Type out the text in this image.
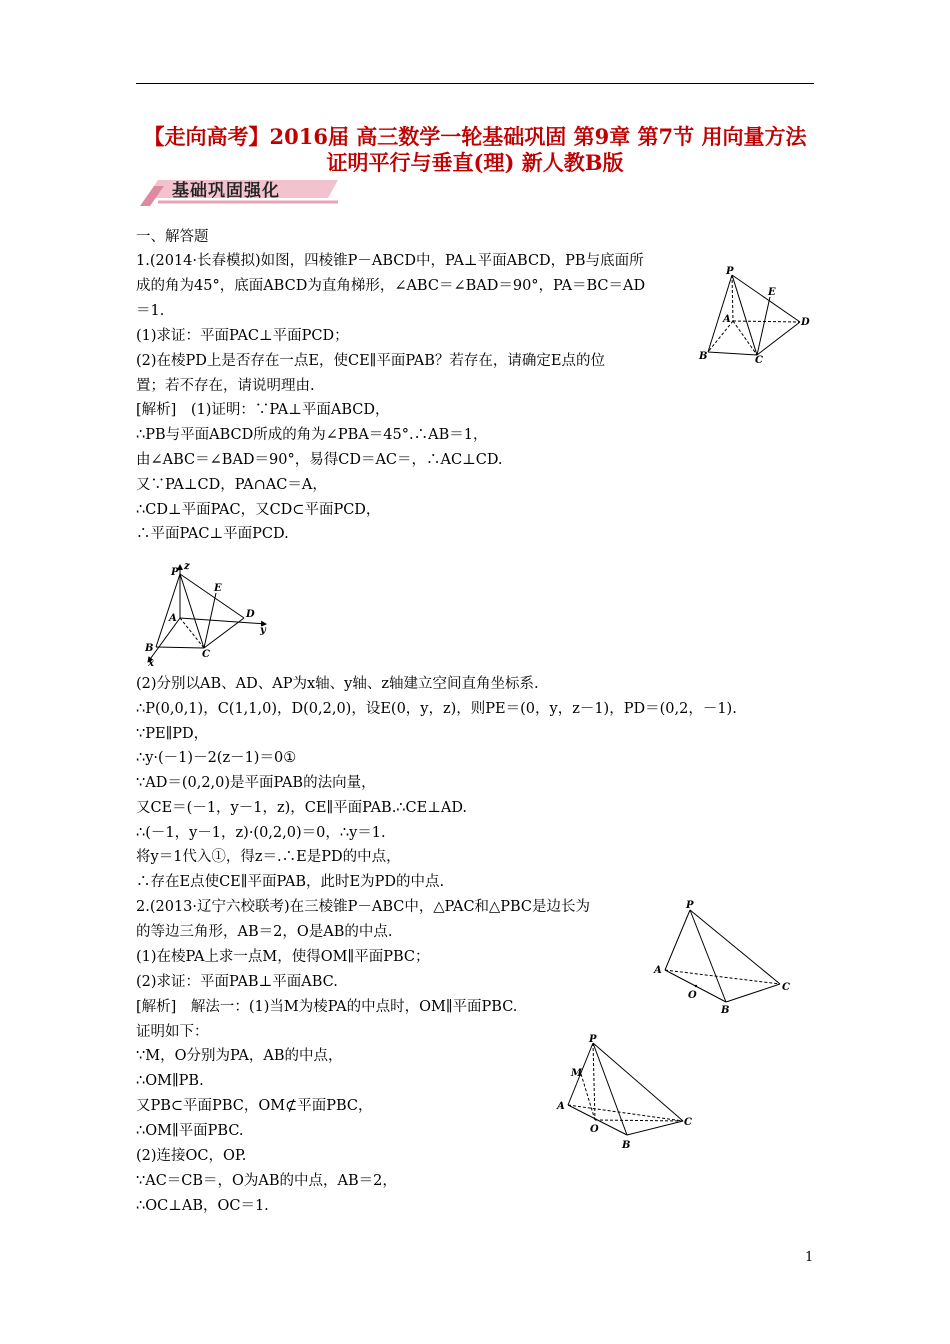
【走向高考】2016届 高三数学一轮基础巩固 第9章 第7节 用向量方法
证明平行与垂直(理) 新人教B版
基础巩固强化
一、解答题
1.(2014·长春模拟)如图，四棱锥P－ABCD中，PA⊥平面ABCD，PB与底面所
成的角为45°，底面ABCD为直角梯形，∠ABC＝∠BAD＝90°，PA＝BC＝AD
＝1.
(1)求证：平面PAC⊥平面PCD；
(2)在棱PD上是否存在一点E，使CE∥平面PAB？若存在，请确定E点的位
置；若不存在，请说明理由.
[解析]　(1)证明：∵PA⊥平面ABCD，
∴PB与平面ABCD所成的角为∠PBA＝45°.∴AB＝1，
由∠ABC＝∠BAD＝90°，易得CD＝AC＝，∴AC⊥CD.
又∵PA⊥CD，PA∩AC＝A，
∴CD⊥平面PAC，又CD⊂平面PCD，
∴平面PAC⊥平面PCD.
(2)分别以AB、AD、AP为x轴、y轴、z轴建立空间直角坐标系.
∴P(0,0,1)，C(1,1,0)，D(0,2,0)，设E(0，y，z)，则PE＝(0，y，z－1)，PD＝(0,2，－1).
∵PE∥PD，
∴y·(－1)－2(z－1)＝0①
∵AD＝(0,2,0)是平面PAB的法向量，
又CE＝(－1，y－1，z)，CE∥平面PAB.∴CE⊥AD.
∴(－1，y－1，z)·(0,2,0)＝0，∴y＝1.
将y＝1代入①，得z＝.∴E是PD的中点，
∴存在E点使CE∥平面PAB，此时E为PD的中点.
2.(2013·辽宁六校联考)在三棱锥P－ABC中，△PAC和△PBC是边长为
的等边三角形，AB＝2，O是AB的中点.
(1)在棱PA上求一点M，使得OM∥平面PBC；
(2)求证：平面PAB⊥平面ABC.
[解析]　解法一：(1)当M为棱PA的中点时，OM∥平面PBC.
证明如下：
∵M，O分别为PA，AB的中点，
∴OM∥PB.
又PB⊂平面PBC，OM⊄平面PBC，
∴OM∥平面PBC.
(2)连接OC，OP.
∵AC＝CB＝，O为AB的中点，AB＝2，
∴OC⊥AB，OC＝1.
P
E
A	D
B	C
z
P
E
A	D
y
B
C
x
P
A
O
C
B
P
M
A
O
C
B
1
